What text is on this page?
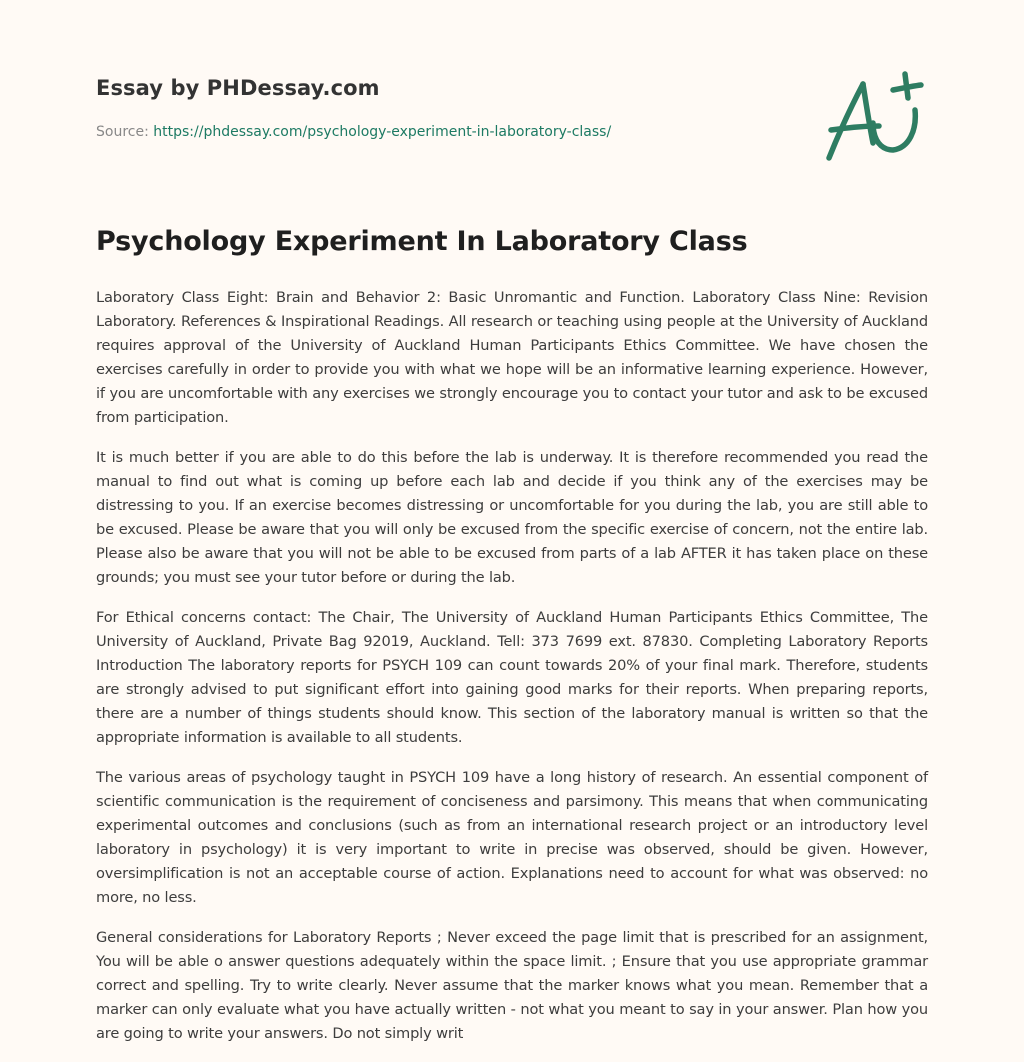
Essay by PHDessay.com
Source: https://phdessay.com/psychology-experiment-in-laboratory-class/
Psychology Experiment In Laboratory Class

Laboratory Class Eight: Brain and Behavior 2: Basic Unromantic and Function. Laboratory Class Nine: Revision Laboratory. References & Inspirational Readings. All research or teaching using people at the University of Auckland requires approval of the University of Auckland Human Participants Ethics Committee. We have chosen the exercises carefully in order to provide you with what we hope will be an informative learning experience. However, if you are uncomfortable with any exercises we strongly encourage you to contact your tutor and ask to be excused from participation.

It is much better if you are able to do this before the lab is underway. It is therefore recommended you read the manual to find out what is coming up before each lab and decide if you think any of the exercises may be distressing to you. If an exercise becomes distressing or uncomfortable for you during the lab, you are still able to be excused. Please be aware that you will only be excused from the specific exercise of concern, not the entire lab. Please also be aware that you will not be able to be excused from parts of a lab AFTER it has taken place on these grounds; you must see your tutor before or during the lab.

For Ethical concerns contact: The Chair, The University of Auckland Human Participants Ethics Committee, The University of Auckland, Private Bag 92019, Auckland. Tell: 373 7699 ext. 87830. Completing Laboratory Reports Introduction The laboratory reports for PSYCH 109 can count towards 20% of your final mark. Therefore, students are strongly advised to put significant effort into gaining good marks for their reports. When preparing reports, there are a number of things students should know. This section of the laboratory manual is written so that the appropriate information is available to all students.

The various areas of psychology taught in PSYCH 109 have a long history of research. An essential component of scientific communication is the requirement of conciseness and parsimony. This means that when communicating experimental outcomes and conclusions (such as from an international research project or an introductory level laboratory in psychology) it is very important to write in precise was observed, should be given. However, oversimplification is not an acceptable course of action. Explanations need to account for what was observed: no more, no less.

General considerations for Laboratory Reports ; Never exceed the page limit that is prescribed for an assignment, You will be able o answer questions adequately within the space limit. ; Ensure that you use appropriate grammar correct and spelling. Try to write clearly. Never assume that the marker knows what you mean. Remember that a marker can only evaluate what you have actually written - not what you meant to say in your answer. Plan how you are going to write your answers. Do not simply writ
